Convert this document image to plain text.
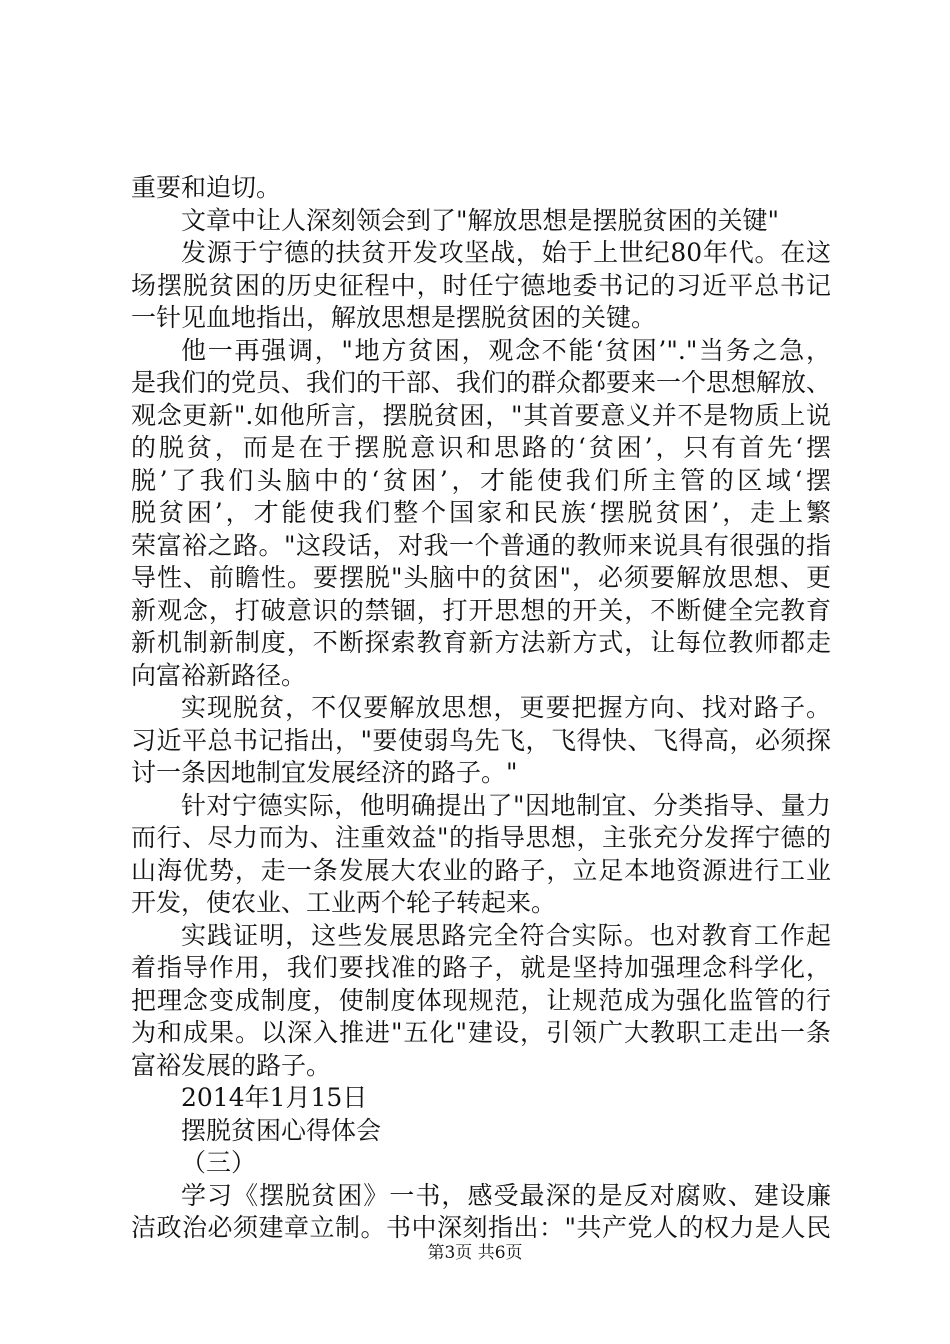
重要和迫切。
文章中让人深刻领会到了"解放思想是摆脱贫困的关键"
发源于宁德的扶贫开发攻坚战，始于上世纪80年代。在这
场摆脱贫困的历史征程中，时任宁德地委书记的习近平总书记
一针见血地指出，解放思想是摆脱贫困的关键。
他一再强调，"地方贫困，观念不能‘贫困’"."当务之急，
是我们的党员、我们的干部、我们的群众都要来一个思想解放、
观念更新".如他所言，摆脱贫困，"其首要意义并不是物质上说
的脱贫，而是在于摆脱意识和思路的‘贫困’，只有首先‘摆
脱’了我们头脑中的‘贫困’，才能使我们所主管的区域‘摆
脱贫困’，才能使我们整个国家和民族‘摆脱贫困’，走上繁
荣富裕之路。"这段话，对我一个普通的教师来说具有很强的指
导性、前瞻性。要摆脱"头脑中的贫困"，必须要解放思想、更
新观念，打破意识的禁锢，打开思想的开关，不断健全完教育
新机制新制度，不断探索教育新方法新方式，让每位教师都走
向富裕新路径。
实现脱贫，不仅要解放思想，更要把握方向、找对路子。
习近平总书记指出，"要使弱鸟先飞，飞得快、飞得高，必须探
讨一条因地制宜发展经济的路子。"
针对宁德实际，他明确提出了"因地制宜、分类指导、量力
而行、尽力而为、注重效益"的指导思想，主张充分发挥宁德的
山海优势，走一条发展大农业的路子，立足本地资源进行工业
开发，使农业、工业两个轮子转起来。
实践证明，这些发展思路完全符合实际。也对教育工作起
着指导作用，我们要找准的路子，就是坚持加强理念科学化，
把理念变成制度，使制度体现规范，让规范成为强化监管的行
为和成果。以深入推进"五化"建设，引领广大教职工走出一条
富裕发展的路子。
2014年1月15日
摆脱贫困心得体会
（三）
学习《摆脱贫困》一书，感受最深的是反对腐败、建设廉
洁政治必须建章立制。书中深刻指出："共产党人的权力是人民
第3页 共6页
